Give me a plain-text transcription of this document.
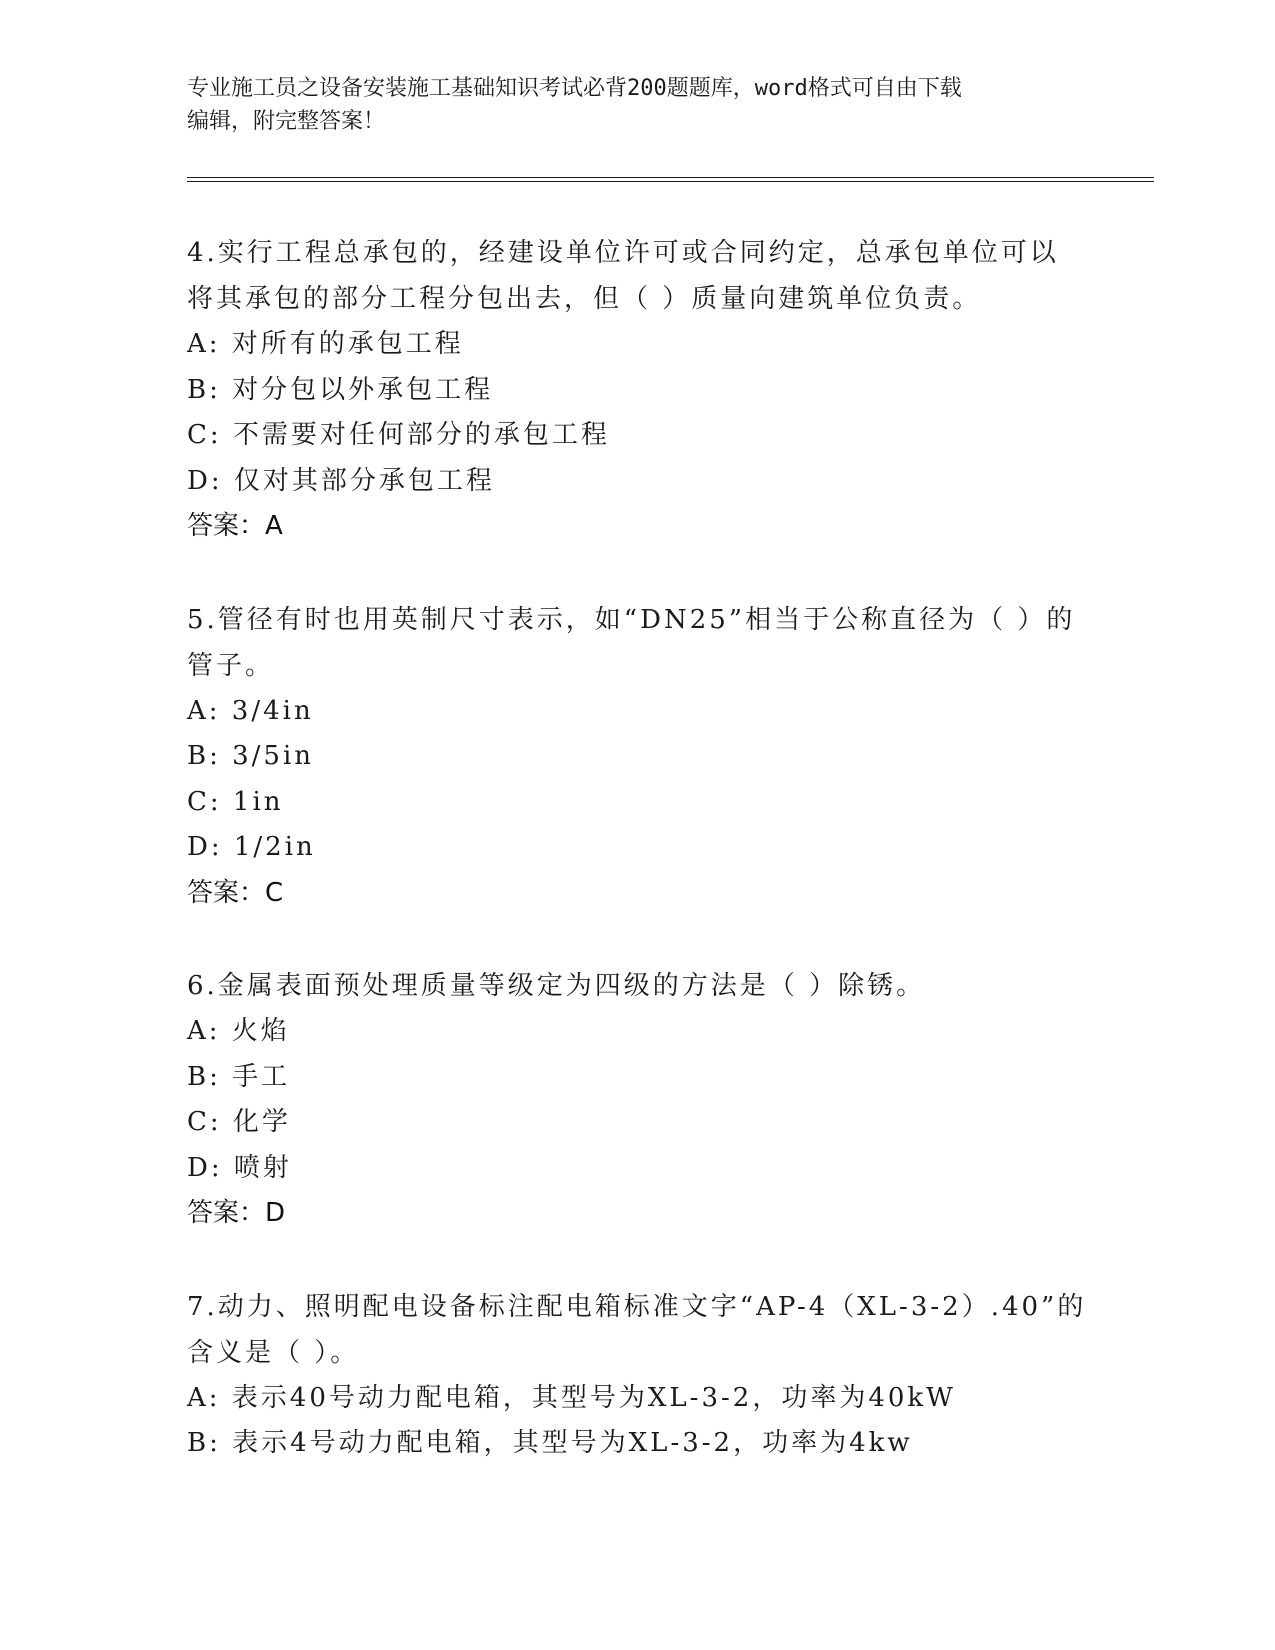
专业施工员之设备安装施工基础知识考试必背200题题库，word格式可自由下载
编辑，附完整答案！
4.实行工程总承包的，经建设单位许可或合同约定，总承包单位可以
将其承包的部分工程分包出去，但（ ）质量向建筑单位负责。
A: 对所有的承包工程
B: 对分包以外承包工程
C: 不需要对任何部分的承包工程
D: 仅对其部分承包工程
答案：A
5.管径有时也用英制尺寸表示，如“DN25”相当于公称直径为（ ）的
管子。
A: 3/4in
B: 3/5in
C: 1in
D: 1/2in
答案：C
6.金属表面预处理质量等级定为四级的方法是（ ）除锈。
A: 火焰
B: 手工
C: 化学
D: 喷射
答案：D
7.动力、照明配电设备标注配电箱标准文字“AP-4（XL-3-2）.40”的
含义是（ ）。
A: 表示40号动力配电箱，其型号为XL-3-2，功率为40kW
B: 表示4号动力配电箱，其型号为XL-3-2，功率为4kw
